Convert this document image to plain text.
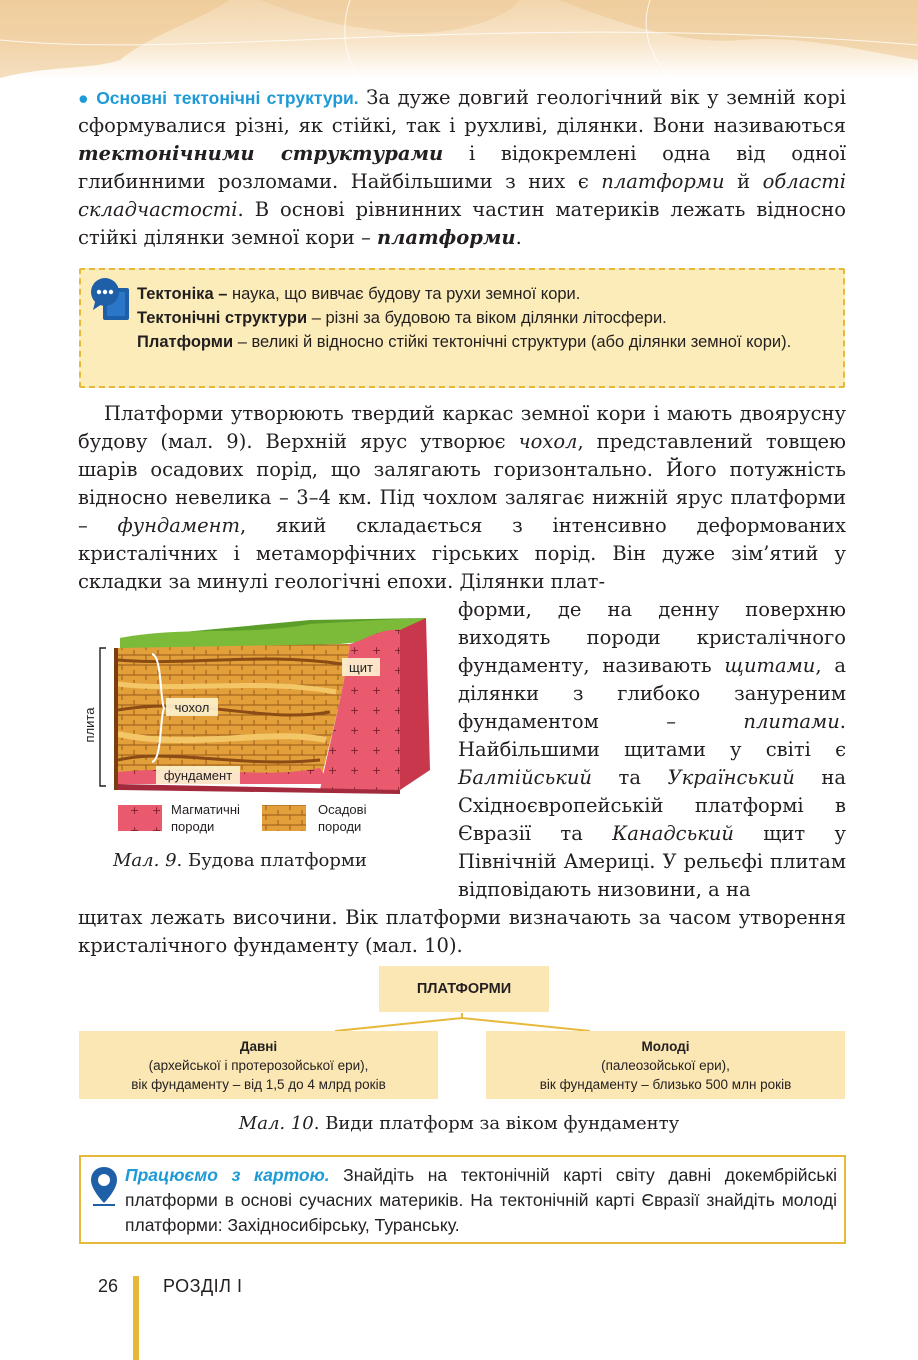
● Основні тектонічні структури. За дуже довгий геологічний вік у земній корі сформувалися різні, як стійкі, так і рухливі, ділянки. Вони називаються тектонічними структурами і відокремлені одна від одної глибинними розломами. Найбільшими з них є платформи й області складчастості. В основі рівнинних частин материків лежать відносно стійкі ділянки земної кори – платформи.
Тектоніка – наука, що вивчає будову та рухи земної кори.
Тектонічні структури – різні за будовою та віком ділянки літосфери.
Платформи – великі й відносно стійкі тектонічні структури (або ділянки земної кори).
Платформи утворюють твердий каркас земної кори і мають двоярусну будову (мал. 9). Верхній ярус утворює чохол, представлений товщею шарів осадових порід, що залягають горизонтально. Його потужність відносно невелика – 3–4 км. Під чохлом залягає нижній ярус платформи – фундамент, який складається з інтенсивно деформованих кристалічних і метаморфічних гірських порід. Він дуже зім’ятий у складки за минулі геологічні епохи. Ділянки плат-
форми, де на денну поверхню виходять породи кристалічного фундаменту, називають щитами, а ділянки з глибоко зануреним фундаментом – плитами. Найбільшими щитами у світі є Балтійський та Український на Східноєвропейській платформі в Євразії та Канадський щит у Північній Америці. У рельєфі плитам відповідають низовини, а на
щитах лежать височини. Вік платформи визначають за часом утворення кристалічного фундаменту (мал. 10).
плита
чохол
щит
фундамент
Магматичні
породи
Осадові
породи
Мал. 9. Будова платформи
ПЛАТФОРМИ
Давні
(архейської і протерозойської ери),
вік фундаменту – від 1,5 до 4 млрд років
Молоді
(палеозойської ери),
вік фундаменту – близько 500 млн років
Мал. 10. Види платформ за віком фундаменту
Працюємо з картою. Знайдіть на тектонічній карті світу давні докембрійські платформи в основі сучасних материків. На тектонічній карті Євразії знайдіть молоді платформи: Західносибірську, Туранську.
26 РОЗДІЛ І
